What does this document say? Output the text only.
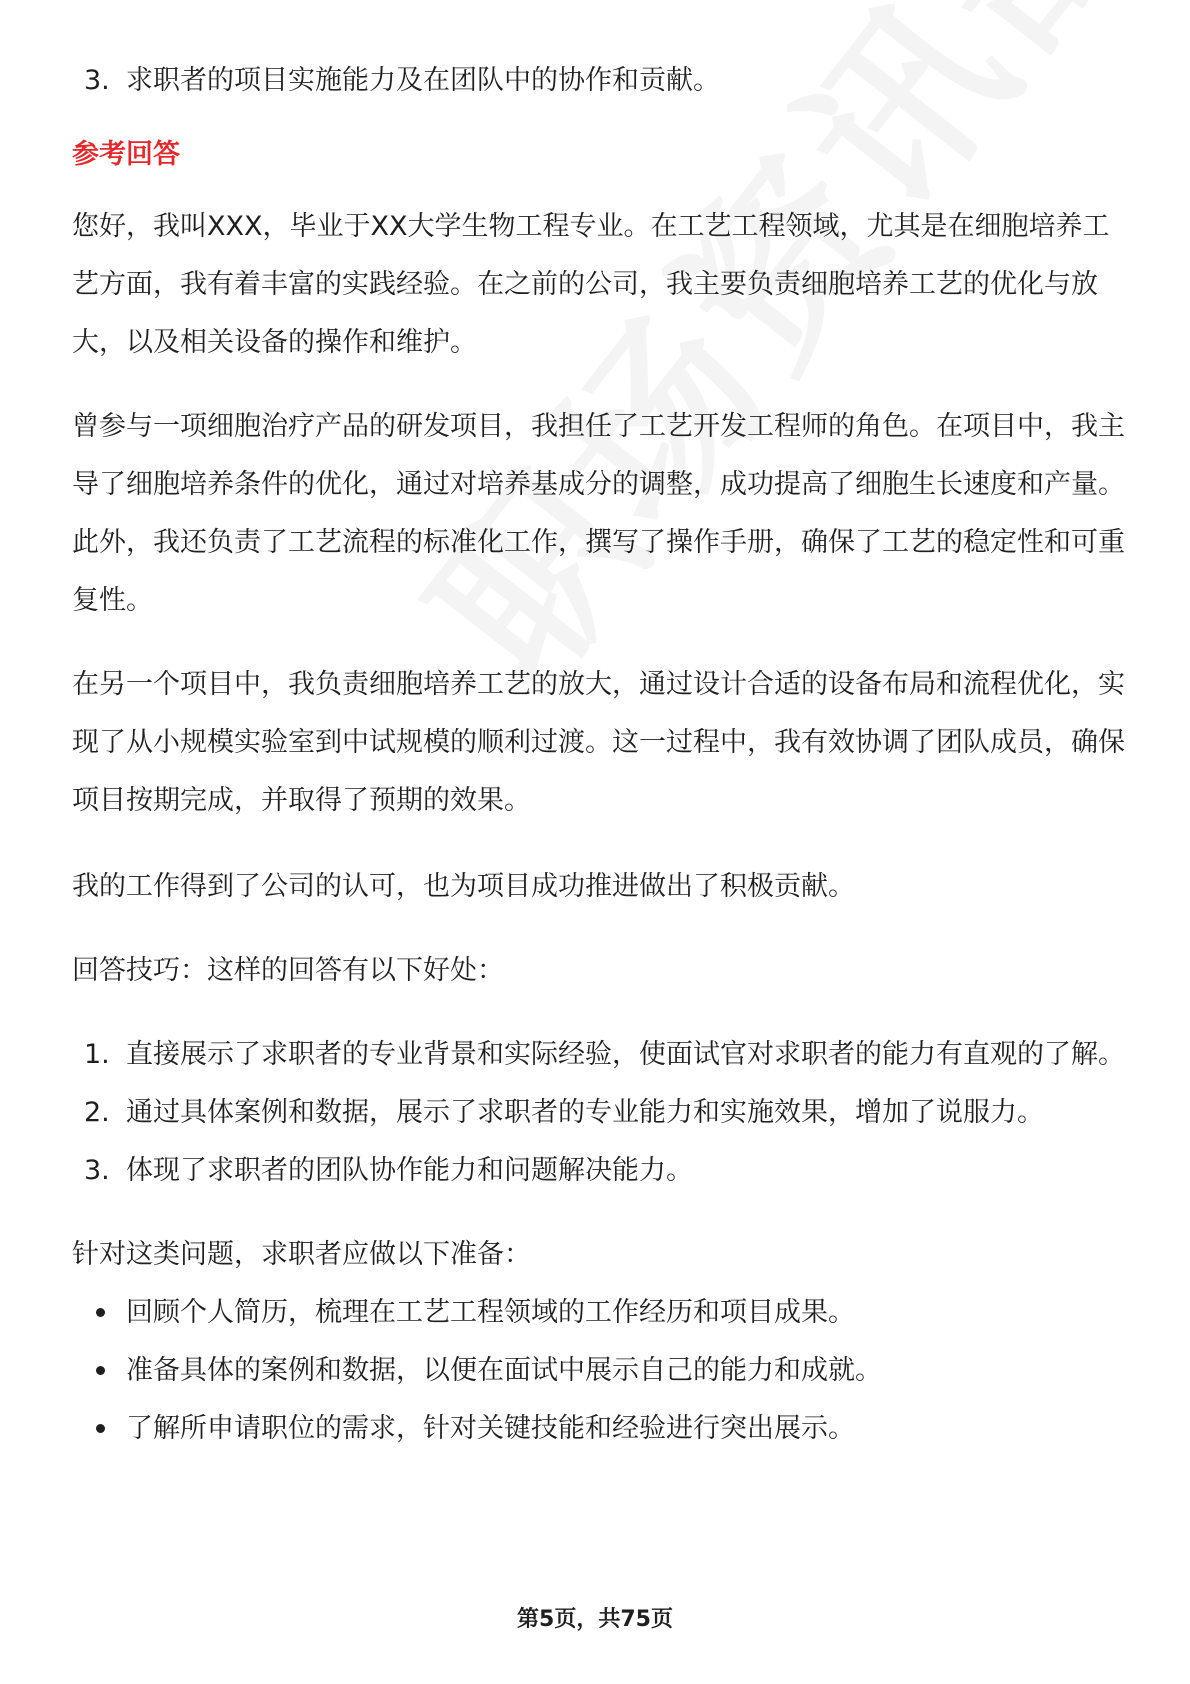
3. 求职者的项目实施能力及在团队中的协作和贡献。
参考回答

您好，我叫XXX，毕业于XX大学生物工程专业。在工艺工程领域，尤其是在细胞培养工艺方面，我有着丰富的实践经验。在之前的公司，我主要负责细胞培养工艺的优化与放大，以及相关设备的操作和维护。

曾参与一项细胞治疗产品的研发项目，我担任了工艺开发工程师的角色。在项目中，我主导了细胞培养条件的优化，通过对培养基成分的调整，成功提高了细胞生长速度和产量。此外，我还负责了工艺流程的标准化工作，撰写了操作手册，确保了工艺的稳定性和可重复性。

在另一个项目中，我负责细胞培养工艺的放大，通过设计合适的设备布局和流程优化，实现了从小规模实验室到中试规模的顺利过渡。这一过程中，我有效协调了团队成员，确保项目按期完成，并取得了预期的效果。

我的工作得到了公司的认可，也为项目成功推进做出了积极贡献。

回答技巧：这样的回答有以下好处：

1. 直接展示了求职者的专业背景和实际经验，使面试官对求职者的能力有直观的了解。
2. 通过具体案例和数据，展示了求职者的专业能力和实施效果，增加了说服力。
3. 体现了求职者的团队协作能力和问题解决能力。

针对这类问题，求职者应做以下准备：

回顾个人简历，梳理在工艺工程领域的工作经历和项目成果。
准备具体的案例和数据，以便在面试中展示自己的能力和成就。
了解所申请职位的需求，针对关键技能和经验进行突出展示。
第5页，共75页
